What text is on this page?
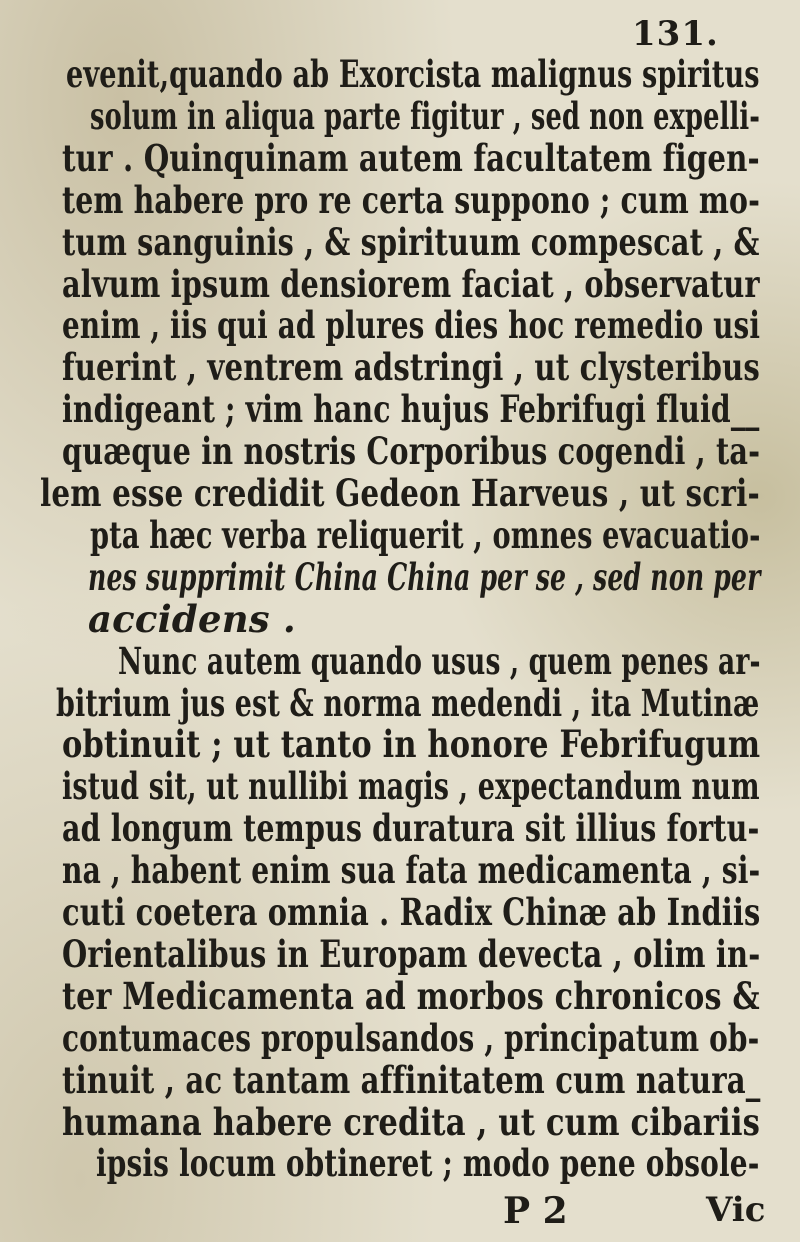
131.
evenit,quando ab Exorcista malignus spiritus
solum in aliqua parte figitur , sed non expelli-
tur . Quinquinam autem facultatem figen-
tem habere pro re certa suppono ; cum mo-
tum sanguinis , & spirituum compescat , &
alvum ipsum densiorem faciat , observatur
enim , iis qui ad plures dies hoc remedio usi
fuerint , ventrem adstringi , ut clysteribus
indigeant ; vim hanc hujus Febrifugi fluid__
quæque in nostris Corporibus cogendi , ta-
lem esse credidit Gedeon Harveus , ut scri-
pta hæc verba reliquerit , omnes evacuatio-
nes supprimit China China per se , sed non per
accidens .
Nunc autem quando usus , quem penes ar-
bitrium jus est & norma medendi , ita Mutinæ
obtinuit ; ut tanto in honore Febrifugum
istud sit, ut nullibi magis , expectandum num
ad longum tempus duratura sit illius fortu-
na , habent enim sua fata medicamenta , si-
cuti coetera omnia . Radix Chinæ ab Indiis
Orientalibus in Europam devecta , olim in-
ter Medicamenta ad morbos chronicos &
contumaces propulsandos , principatum ob-
tinuit , ac tantam affinitatem cum natura_
humana habere credita , ut cum cibariis
ipsis locum obtineret ; modo pene obsole-
P 2	Vic
